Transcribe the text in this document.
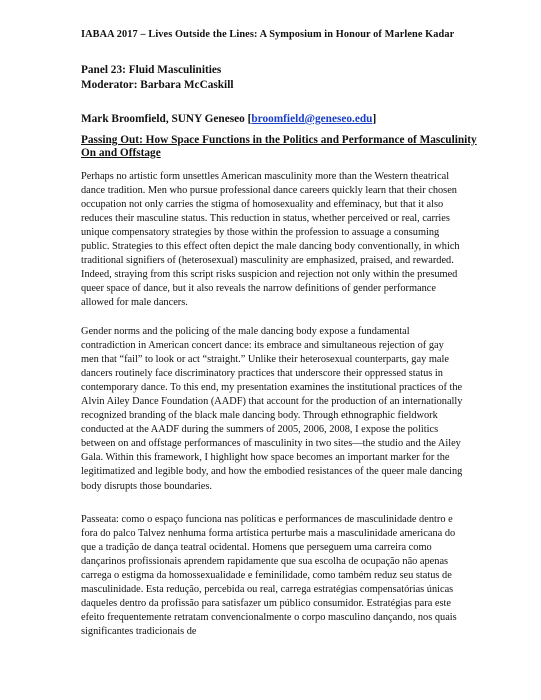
IABAA 2017 – Lives Outside the Lines: A Symposium in Honour of Marlene Kadar
Panel 23: Fluid Masculinities
Moderator: Barbara McCaskill
Mark Broomfield, SUNY Geneseo [broomfield@geneseo.edu]
Passing Out: How Space Functions in the Politics and Performance of Masculinity On and Offstage
Perhaps no artistic form unsettles American masculinity more than the Western theatrical dance tradition. Men who pursue professional dance careers quickly learn that their chosen occupation not only carries the stigma of homosexuality and effeminacy, but that it also reduces their masculine status. This reduction in status, whether perceived or real, carries unique compensatory strategies by those within the profession to assuage a consuming public. Strategies to this effect often depict the male dancing body conventionally, in which traditional signifiers of (heterosexual) masculinity are emphasized, praised, and rewarded. Indeed, straying from this script risks suspicion and rejection not only within the presumed queer space of dance, but it also reveals the narrow definitions of gender performance allowed for male dancers.
Gender norms and the policing of the male dancing body expose a fundamental contradiction in American concert dance: its embrace and simultaneous rejection of gay men that “fail” to look or act “straight.” Unlike their heterosexual counterparts, gay male dancers routinely face discriminatory practices that underscore their oppressed status in contemporary dance. To this end, my presentation examines the institutional practices of the Alvin Ailey Dance Foundation (AADF) that account for the production of an internationally recognized branding of the black male dancing body. Through ethnographic fieldwork conducted at the AADF during the summers of 2005, 2006, 2008, I expose the politics between on and offstage performances of masculinity in two sites—the studio and the Ailey Gala. Within this framework, I highlight how space becomes an important marker for the legitimatized and legible body, and how the embodied resistances of the queer male dancing body disrupts those boundaries.
Passeata: como o espaço funciona nas políticas e performances de masculinidade dentro e fora do palco Talvez nenhuma forma artística perturbe mais a masculinidade americana do que a tradição de dança teatral ocidental. Homens que perseguem uma carreira como dançarinos profissionais aprendem rapidamente que sua escolha de ocupação não apenas carrega o estigma da homossexualidade e feminilidade, como também reduz seu status de masculinidade. Esta redução, percebida ou real, carrega estratégias compensatórias únicas daqueles dentro da profissão para satisfazer um público consumidor. Estratégias para este efeito frequentemente retratam convencionalmente o corpo masculino dançando, nos quais significantes tradicionais de
